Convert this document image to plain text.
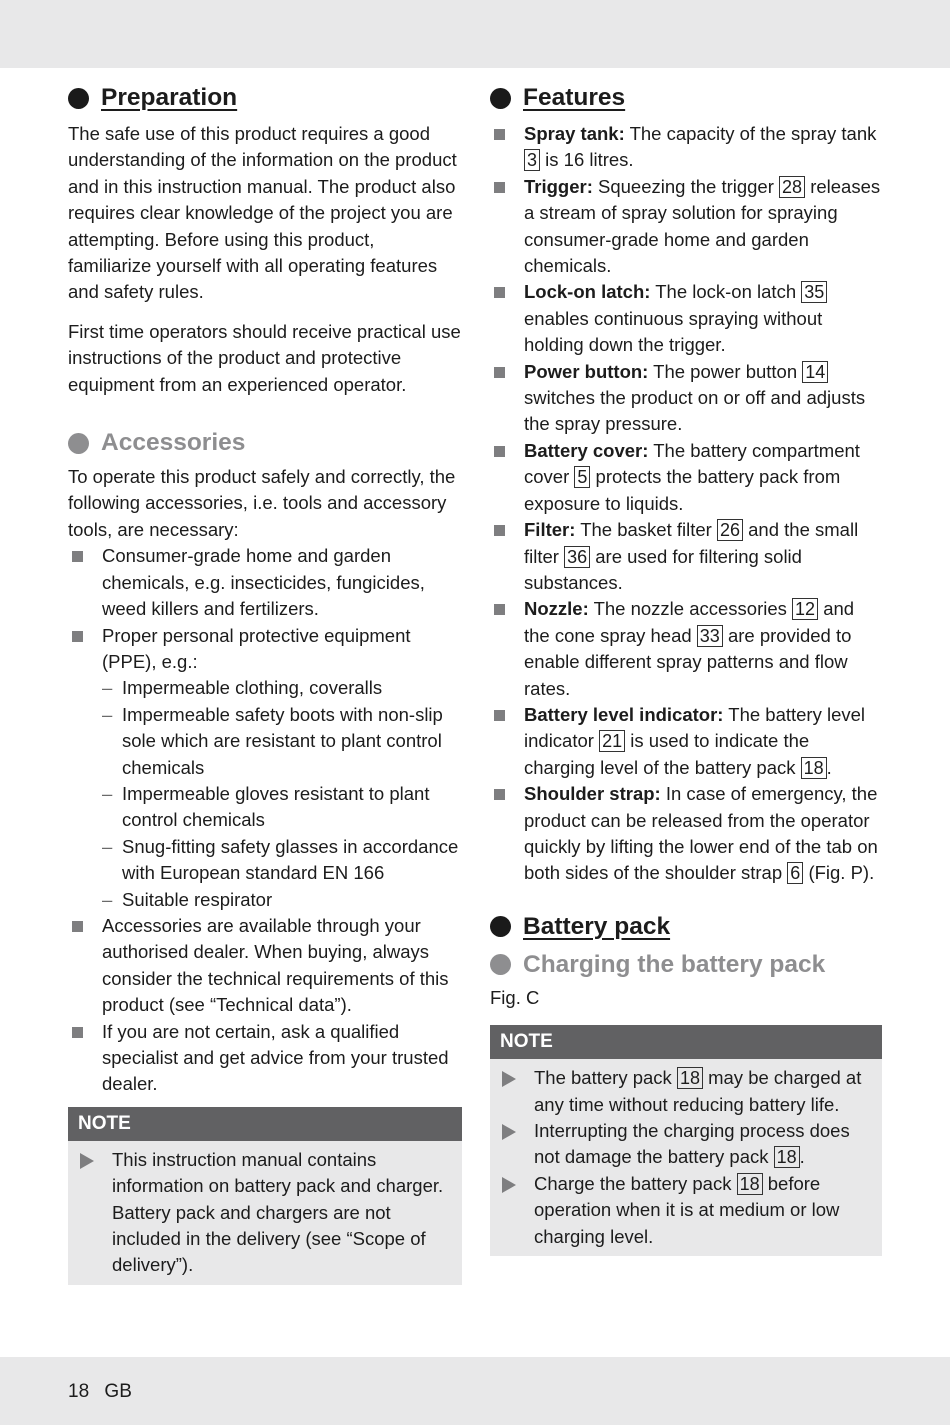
Preparation

The safe use of this product requires a good understanding of the information on the product and in this instruction manual. The product also requires clear knowledge of the project you are attempting. Before using this product, familiarize yourself with all operating features and safety rules.

First time operators should receive practical use instructions of the product and protective equipment from an experienced operator.

Accessories

To operate this product safely and correctly, the following accessories, i.e. tools and accessory tools, are necessary:

Consumer-grade home and garden chemicals, e.g. insecticides, fungicides, weed killers and fertilizers.
Proper personal protective equipment (PPE), e.g.:
– Impermeable clothing, coveralls
– Impermeable safety boots with non-slip sole which are resistant to plant control chemicals
– Impermeable gloves resistant to plant control chemicals
– Snug-fitting safety glasses in accordance with European standard EN 166
– Suitable respirator
Accessories are available through your authorised dealer. When buying, always consider the technical requirements of this product (see “Technical data”).
If you are not certain, ask a qualified specialist and get advice from your trusted dealer.
NOTE
This instruction manual contains information on battery pack and charger. Battery pack and chargers are not included in the delivery (see “Scope of delivery”).
Features
Spray tank: The capacity of the spray tank 3 is 16 litres.
Trigger: Squeezing the trigger 28 releases a stream of spray solution for spraying consumer-grade home and garden chemicals.
Lock-on latch: The lock-on latch 35 enables continuous spraying without holding down the trigger.
Power button: The power button 14 switches the product on or off and adjusts the spray pressure.
Battery cover: The battery compartment cover 5 protects the battery pack from exposure to liquids.
Filter: The basket filter 26 and the small filter 36 are used for filtering solid substances.
Nozzle: The nozzle accessories 12 and the cone spray head 33 are provided to enable different spray patterns and flow rates.
Battery level indicator: The battery level indicator 21 is used to indicate the charging level of the battery pack 18 .
Shoulder strap: In case of emergency, the product can be released from the operator quickly by lifting the lower end of the tab on both sides of the shoulder strap 6 (Fig. P).
Battery pack
Charging the battery pack

Fig. C

NOTE
The battery pack 18 may be charged at any time without reducing battery life.
Interrupting the charging process does not damage the battery pack 18 .
Charge the battery pack 18 before operation when it is at medium or low charging level.
18 GB
